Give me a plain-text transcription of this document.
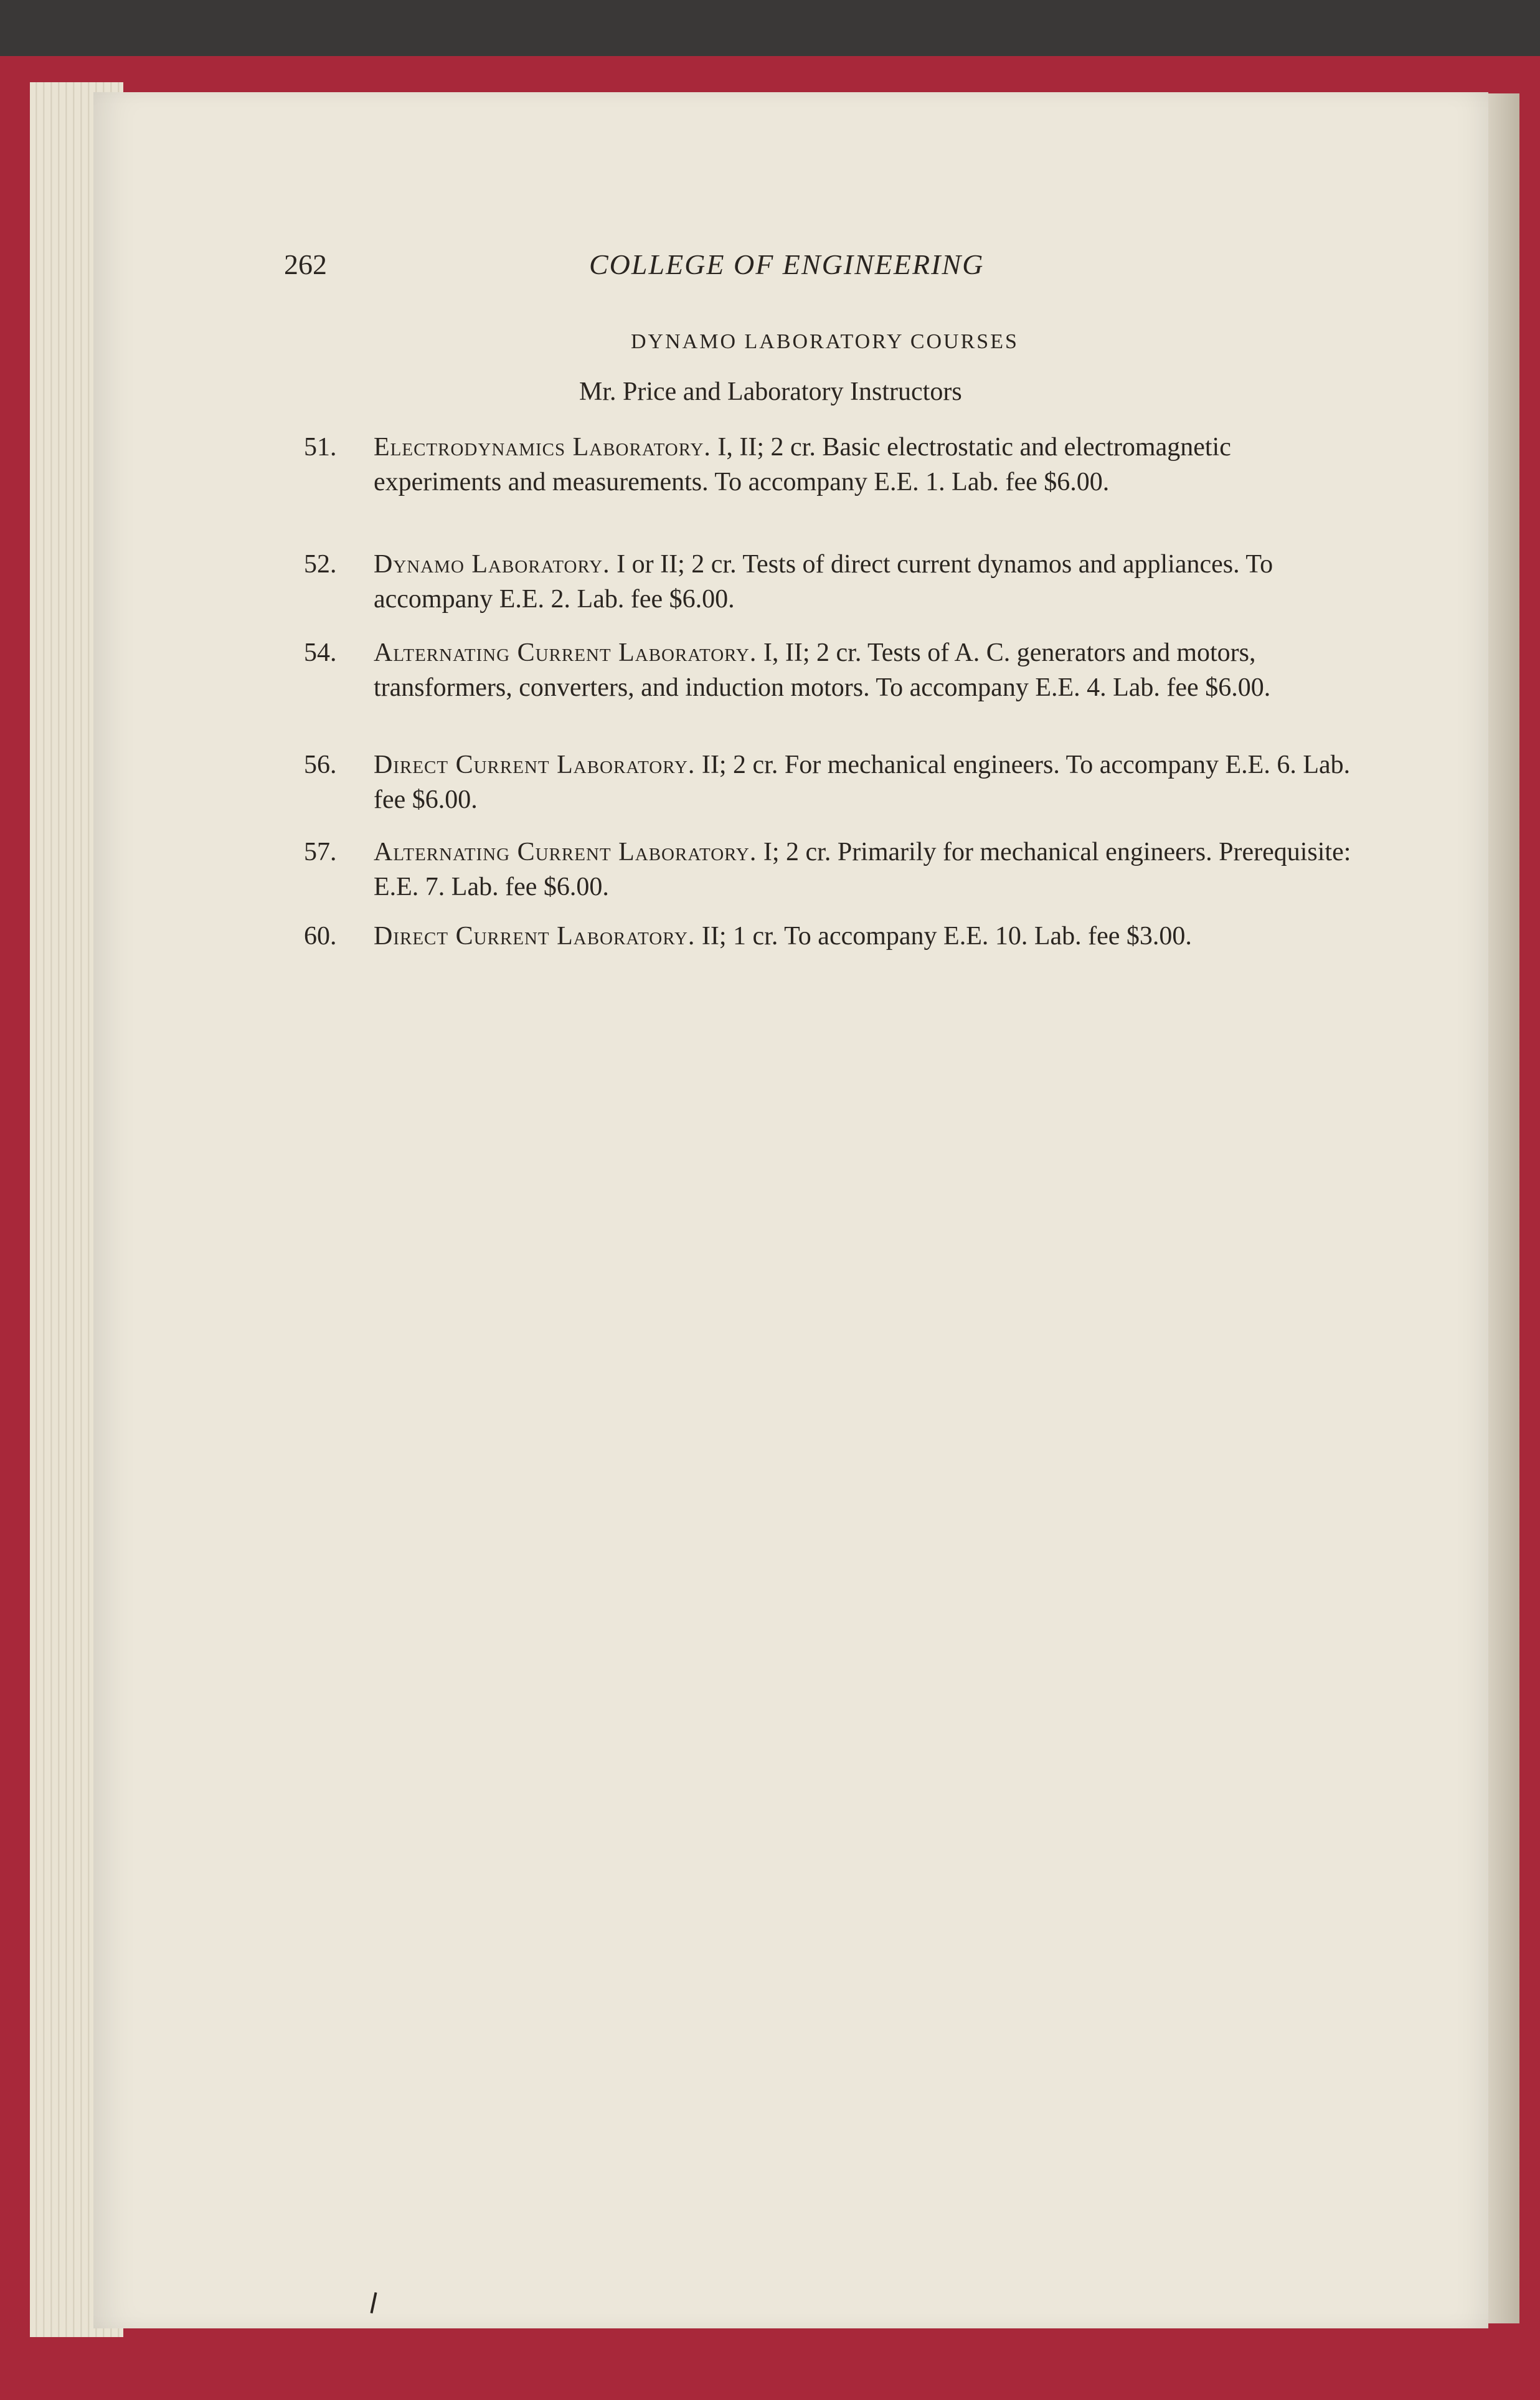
262	COLLEGE OF ENGINEERING
DYNAMO LABORATORY COURSES
Mr. Price and Laboratory Instructors
51. Electrodynamics Laboratory. I, II; 2 cr. Basic electrostatic and electromagnetic experiments and measurements. To accompany E.E. 1. Lab. fee $6.00.
52. Dynamo Laboratory. I or II; 2 cr. Tests of direct current dynamos and appliances. To accompany E.E. 2. Lab. fee $6.00.
54. Alternating Current Laboratory. I, II; 2 cr. Tests of A. C. generators and motors, transformers, converters, and induction motors. To accompany E.E. 4. Lab. fee $6.00.
56. Direct Current Laboratory. II; 2 cr. For mechanical engineers. To accompany E.E. 6. Lab. fee $6.00.
57. Alternating Current Laboratory. I; 2 cr. Primarily for mechanical engineers. Prerequisite: E.E. 7. Lab. fee $6.00.
60. Direct Current Laboratory. II; 1 cr. To accompany E.E. 10. Lab. fee $3.00.
